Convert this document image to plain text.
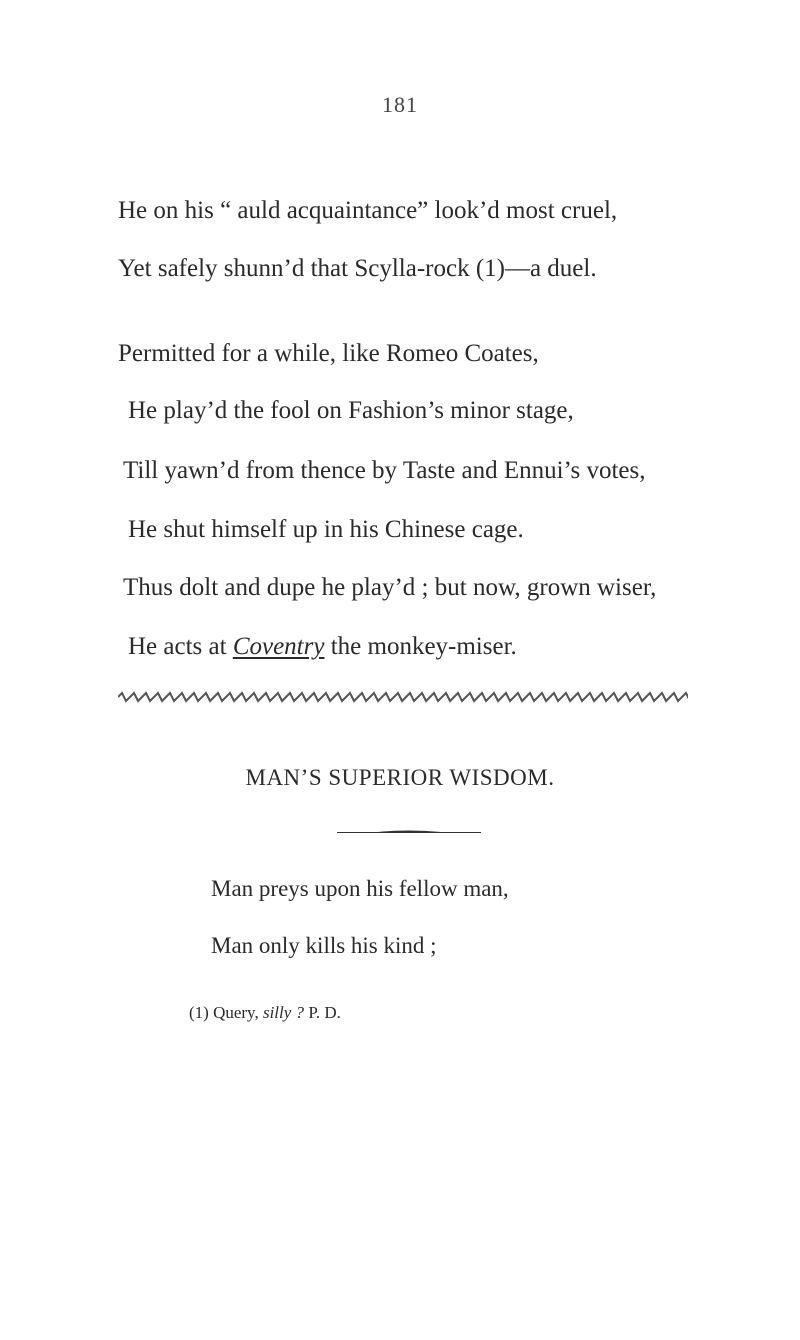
181
He on his “ auld acquaintance” look’d most cruel,
Yet safely shunn’d that Scylla-rock (1)—a duel.
Permitted for a while, like Romeo Coates,
He play’d the fool on Fashion’s minor stage,
Till yawn’d from thence by Taste and Ennui’s votes,
He shut himself up in his Chinese cage.
Thus dolt and dupe he play’d ; but now, grown wiser,
He acts at Coventry the monkey-miser.
MAN’S SUPERIOR WISDOM.
Man preys upon his fellow man,
Man only kills his kind ;
(1) Query, silly ? P. D.
